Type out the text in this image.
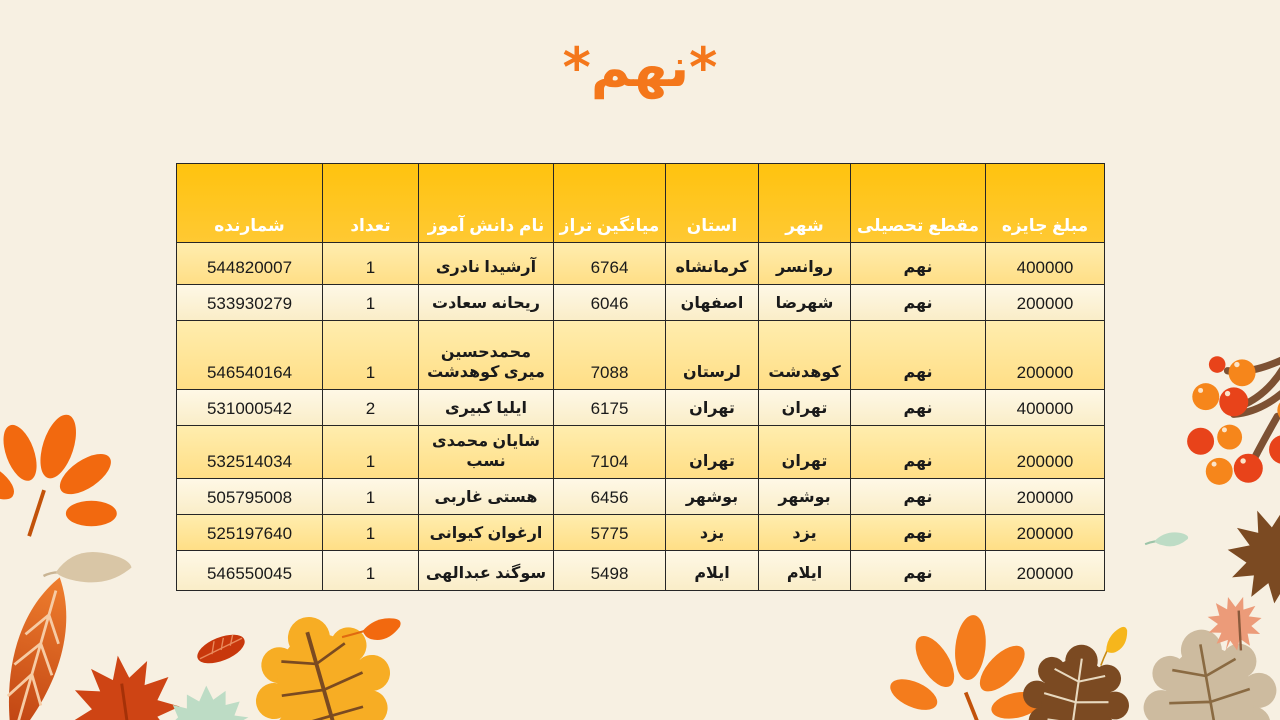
*نهم*
شمارنده	تعداد	نام دانش آموز	میانگین تراز	استان	شهر	مقطع تحصیلی	مبلغ جایزه
544820007	1	آرشیدا نادری	6764	کرمانشاه	روانسر	نهم	400000
533930279	1	ریحانه سعادت	6046	اصفهان	شهرضا	نهم	200000
546540164	1	محمدحسین میری کوهدشت	7088	لرستان	کوهدشت	نهم	200000
531000542	2	ایلیا کبیری	6175	تهران	تهران	نهم	400000
532514034	1	شایان محمدی نسب	7104	تهران	تهران	نهم	200000
505795008	1	هستی غاربی	6456	بوشهر	بوشهر	نهم	200000
525197640	1	ارغوان کیوانی	5775	یزد	یزد	نهم	200000
546550045	1	سوگند عبدالهی	5498	ایلام	ایلام	نهم	200000
